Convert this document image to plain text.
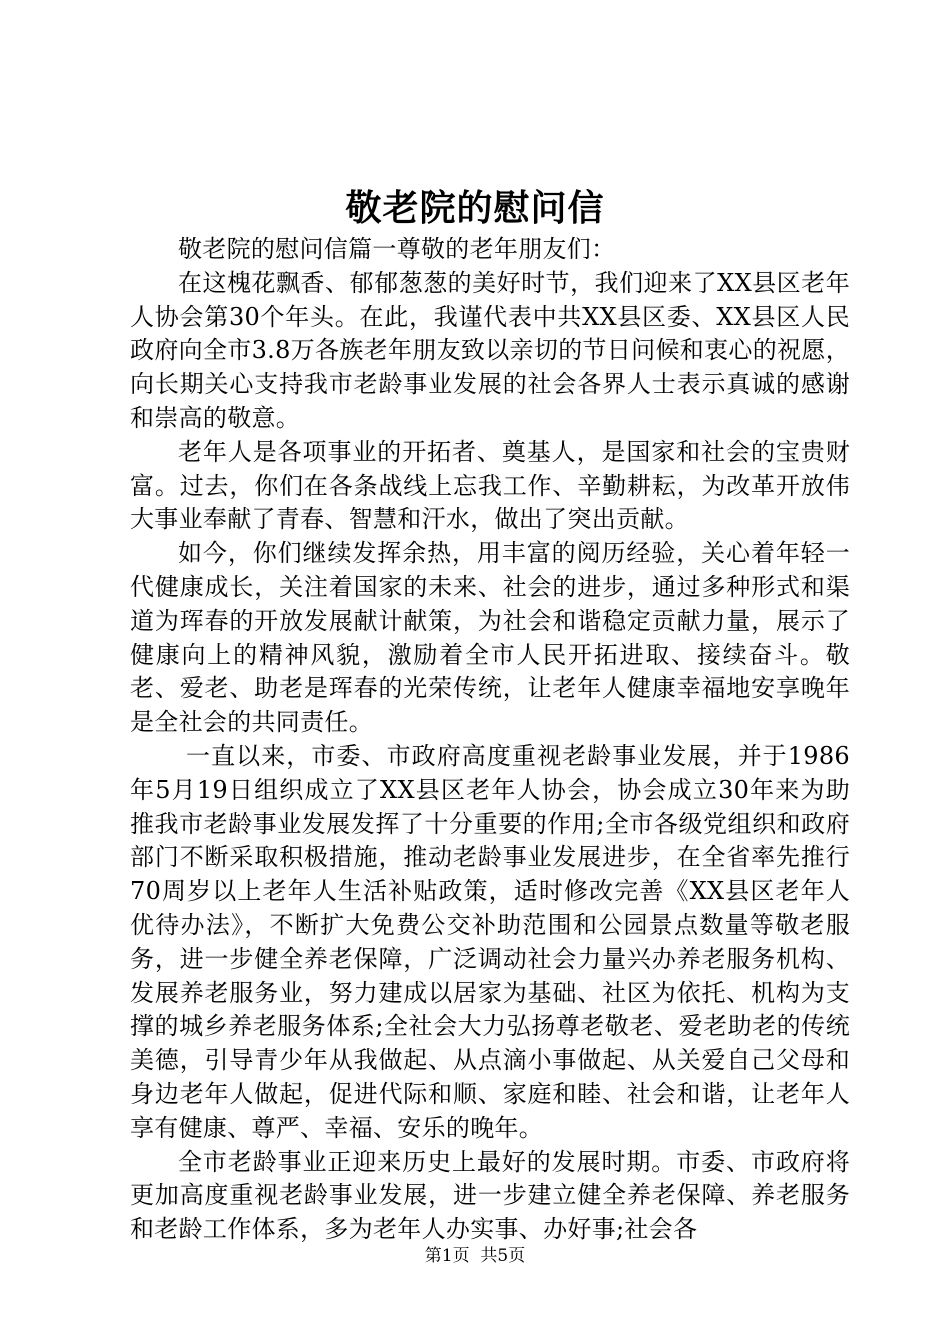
敬老院的慰问信

敬老院的慰问信篇一尊敬的老年朋友们：

在这槐花飘香、郁郁葱葱的美好时节，我们迎来了XX县区老年人协会第30个年头。在此，我谨代表中共XX县区委、XX县区人民政府向全市3.8万各族老年朋友致以亲切的节日问候和衷心的祝愿，向长期关心支持我市老龄事业发展的社会各界人士表示真诚的感谢和崇高的敬意。

老年人是各项事业的开拓者、奠基人，是国家和社会的宝贵财富。过去，你们在各条战线上忘我工作、辛勤耕耘，为改革开放伟大事业奉献了青春、智慧和汗水，做出了突出贡献。

如今，你们继续发挥余热，用丰富的阅历经验，关心着年轻一代健康成长，关注着国家的未来、社会的进步，通过多种形式和渠道为珲春的开放发展献计献策，为社会和谐稳定贡献力量，展示了健康向上的精神风貌，激励着全市人民开拓进取、接续奋斗。敬老、爱老、助老是珲春的光荣传统，让老年人健康幸福地安享晚年是全社会的共同责任。

一直以来，市委、市政府高度重视老龄事业发展，并于1986年5月19日组织成立了XX县区老年人协会，协会成立30年来为助推我市老龄事业发展发挥了十分重要的作用;全市各级党组织和政府部门不断采取积极措施，推动老龄事业发展进步，在全省率先推行70周岁以上老年人生活补贴政策，适时修改完善《XX县区老年人优待办法》，不断扩大免费公交补助范围和公园景点数量等敬老服务，进一步健全养老保障，广泛调动社会力量兴办养老服务机构、发展养老服务业，努力建成以居家为基础、社区为依托、机构为支撑的城乡养老服务体系;全社会大力弘扬尊老敬老、爱老助老的传统美德，引导青少年从我做起、从点滴小事做起、从关爱自己父母和身边老年人做起，促进代际和顺、家庭和睦、社会和谐，让老年人享有健康、尊严、幸福、安乐的晚年。

全市老龄事业正迎来历史上最好的发展时期。市委、市政府将更加高度重视老龄事业发展，进一步建立健全养老保障、养老服务和老龄工作体系，多为老年人办实事、办好事;社会各

第1页  共5页
